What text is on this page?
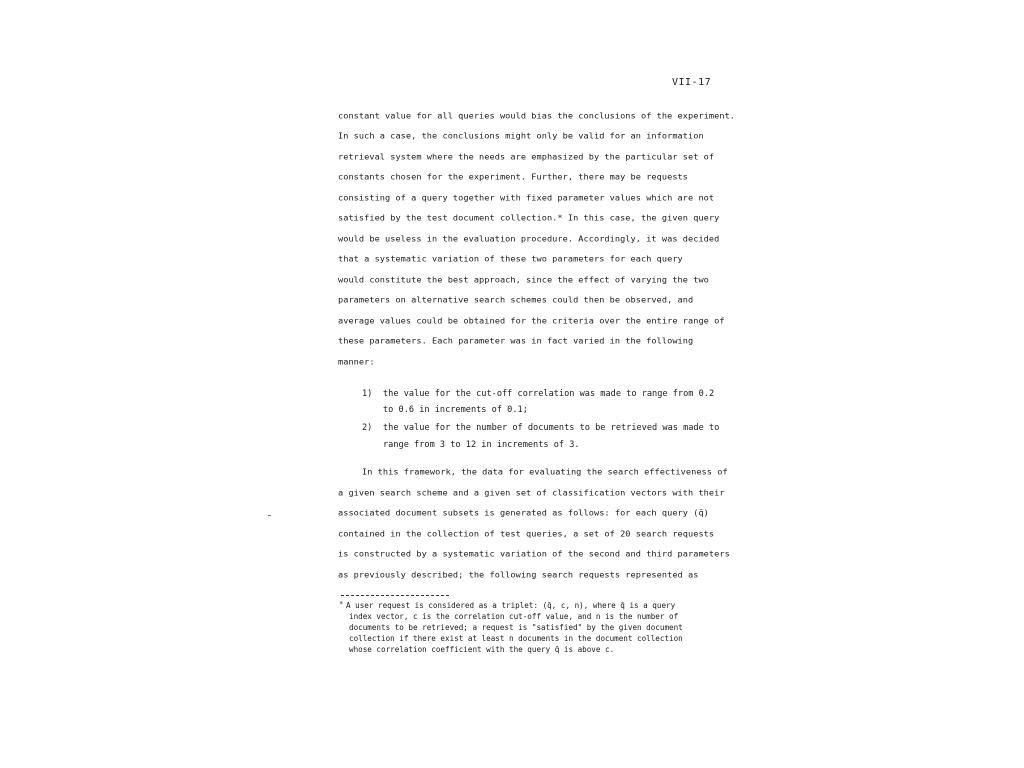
VII-17
constant value for all queries would bias the conclusions of the experiment.
In such a case, the conclusions might only be valid for an information
retrieval system where the needs are emphasized by the particular set of
constants chosen for the experiment. Further, there may be requests
consisting of a query together with fixed parameter values which are not
satisfied by the test document collection.* In this case, the given query
would be useless in the evaluation procedure. Accordingly, it was decided
that a systematic variation of these two parameters for each query
would constitute the best approach, since the effect of varying the two
parameters on alternative search schemes could then be observed, and
average values could be obtained for the criteria over the entire range of
these parameters. Each parameter was in fact varied in the following
manner:
1) the value for the cut-off correlation was made to range from 0.2
to 0.6 in increments of 0.1;
2) the value for the number of documents to be retrieved was made to
range from 3 to 12 in increments of 3.
In this framework, the data for evaluating the search effectiveness of
a given search scheme and a given set of classification vectors with their
associated document subsets is generated as follows: for each query (q̄)
contained in the collection of test queries, a set of 20 search requests
is constructed by a systematic variation of the second and third parameters
as previously described; the following search requests represented as
* A user request is considered as a triplet: (q̄, c, n), where q̄ is a query
index vector, c is the correlation cut-off value, and n is the number of
documents to be retrieved; a request is "satisfied" by the given document
collection if there exist at least n documents in the document collection
whose correlation coefficient with the query q̄ is above c.
